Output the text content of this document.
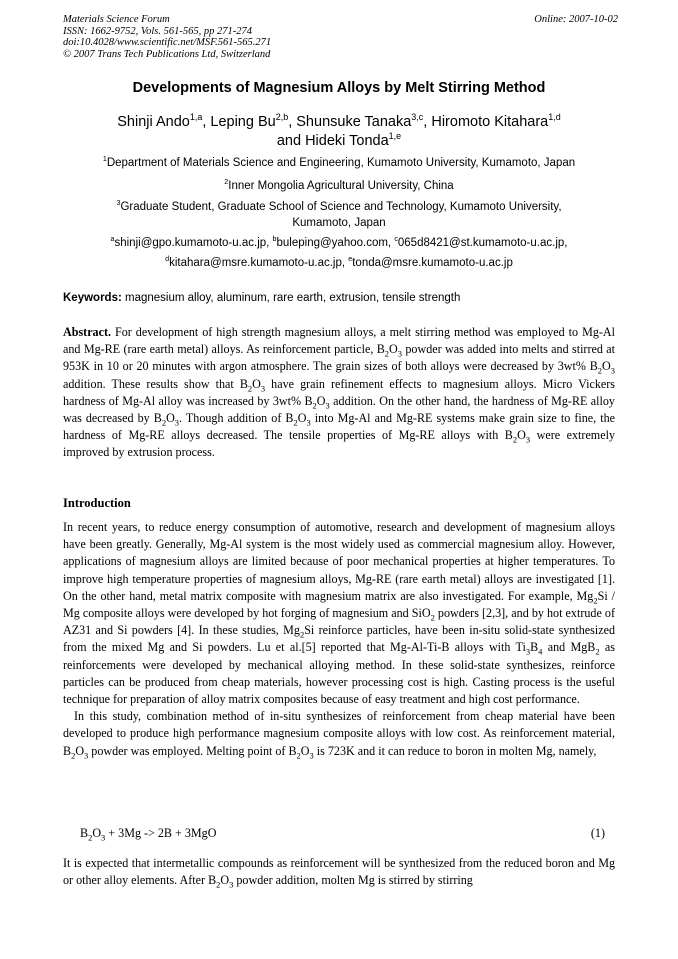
Materials Science Forum
ISSN: 1662-9752, Vols. 561-565, pp 271-274
doi:10.4028/www.scientific.net/MSF.561-565.271
© 2007 Trans Tech Publications Ltd, Switzerland
Online: 2007-10-02
Developments of Magnesium Alloys by Melt Stirring Method
Shinji Ando$^{1,a}$, Leping Bu$^{2,b}$, Shunsuke Tanaka$^{3,c}$, Hiromoto Kitahara$^{1,d}$
and Hideki Tonda$^{1,e}$
$^1$Department of Materials Science and Engineering, Kumamoto University, Kumamoto, Japan
$^2$Inner Mongolia Agricultural University, China
$^3$Graduate Student, Graduate School of Science and Technology, Kumamoto University,
Kumamoto, Japan
$^a$shinji@gpo.kumamoto-u.ac.jp, $^b$buleping@yahoo.com, $^c$065d8421@st.kumamoto-u.ac.jp,
$^d$kitahara@msre.kumamoto-u.ac.jp, $^e$tonda@msre.kumamoto-u.ac.jp
Keywords: magnesium alloy, aluminum, rare earth, extrusion, tensile strength

Abstract. For development of high strength magnesium alloys, a melt stirring method was employed to Mg-Al and Mg-RE (rare earth metal) alloys. As reinforcement particle, $B_2O_3$ powder was added into melts and stirred at 953K in 10 or 20 minutes with argon atmosphere. The grain sizes of both alloys were decreased by 3wt% $B_2O_3$ addition. These results show that $B_2O_3$ have grain refinement effects to magnesium alloys. Micro Vickers hardness of Mg-Al alloy was increased by 3wt% $B_2O_3$ addition. On the other hand, the hardness of Mg-RE alloy was decreased by $B_2O_3$. Though addition of $B_2O_3$ into Mg-Al and Mg-RE systems make grain size to fine, the hardness of Mg-RE alloys decreased. The tensile properties of Mg-RE alloys with $B_2O_3$ were extremely improved by extrusion process.

Introduction

In recent years, to reduce energy consumption of automotive, research and development of magnesium alloys have been greatly. Generally, Mg-Al system is the most widely used as commercial magnesium alloy. However, applications of magnesium alloys are limited because of poor mechanical properties at higher temperatures. To improve high temperature properties of magnesium alloys, Mg-RE (rare earth metal) alloys are investigated [1]. On the other hand, metal matrix composite with magnesium matrix are also investigated. For example, $Mg_2Si$ / Mg composite alloys were developed by hot forging of magnesium and SiO$_2$ powders [2,3], and by hot extrude of AZ31 and Si powders [4]. In these studies, $Mg_2Si$ reinforce particles, have been in-situ solid-state synthesized from the mixed Mg and Si powders. Lu et al.[5] reported that Mg-Al-Ti-B alloys with $Ti_3B_4$ and MgB$_2$ as reinforcements were developed by mechanical alloying method. In these solid-state synthesizes, reinforce particles can be produced from cheap materials, however processing cost is high. Casting process is the useful technique for preparation of alloy matrix composites because of easy treatment and high cost performance.

In this study, combination method of in-situ synthesizes of reinforcement from cheap material have been developed to produce high performance magnesium composite alloys with low cost. As reinforcement material, $B_2O_3$ powder was employed. Melting point of $B_2O_3$ is 723K and it can reduce to boron in molten Mg, namely,

$B_2O_3 + 3Mg -> 2B + 3MgO$	(1)

It is expected that intermetallic compounds as reinforcement will be synthesized from the reduced boron and Mg or other alloy elements. After $B_2O_3$ powder addition, molten Mg is stirred by stirring
